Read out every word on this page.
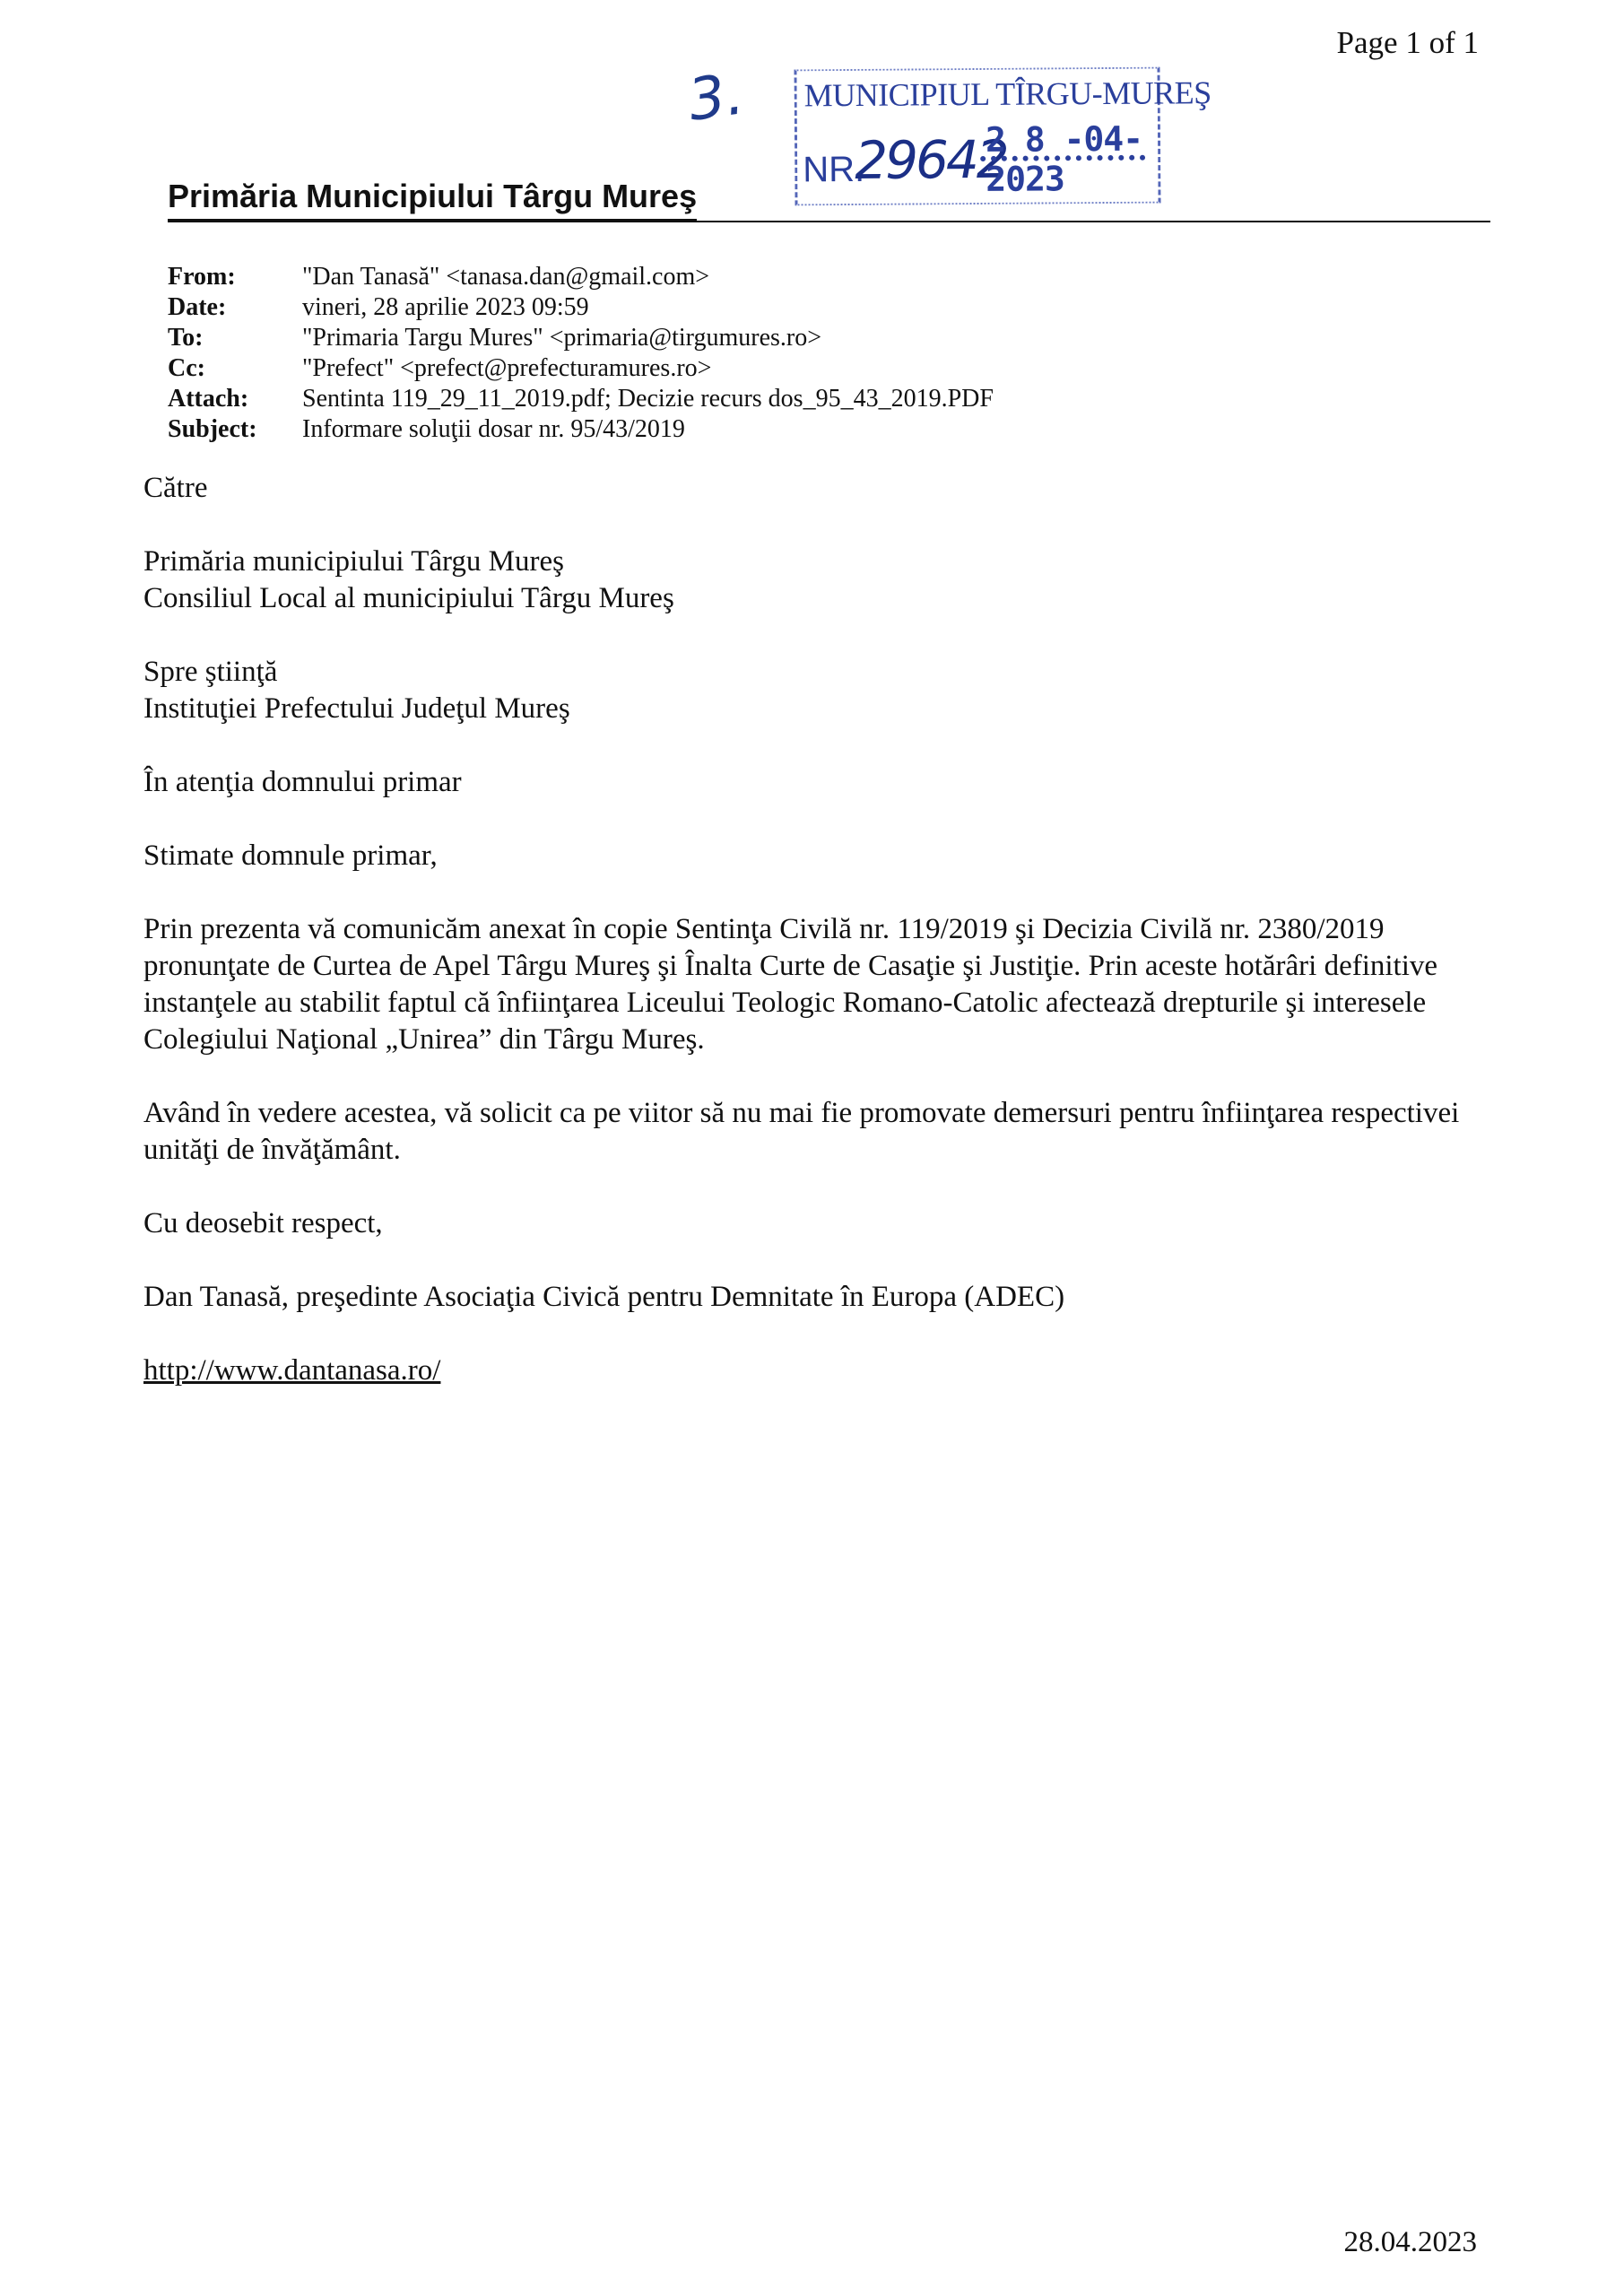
Page 1 of 1
3. MUNICIPIUL TÎRGU-MUREŞ
NR.
29642
2 8 -04- 2023
Primăria Municipiului Târgu Mureş
From:	"Dan Tanasă" <tanasa.dan@gmail.com>
Date:	vineri, 28 aprilie 2023 09:59
To:	"Primaria Targu Mures" <primaria@tirgumures.ro>
Cc:	"Prefect" <prefect@prefecturamures.ro>
Attach:	Sentinta 119_29_11_2019.pdf; Decizie recurs dos_95_43_2019.PDF
Subject:	Informare soluţii dosar nr. 95/43/2019

Către

Primăria municipiului Târgu Mureş

Consiliul Local al municipiului Târgu Mureş

Spre ştiinţă

Instituţiei Prefectului Judeţul Mureş

În atenţia domnului primar

Stimate domnule primar,

Prin prezenta vă comunicăm anexat în copie Sentinţa Civilă nr. 119/2019 şi Decizia Civilă nr. 2380/2019 pronunţate de Curtea de Apel Târgu Mureş şi Înalta Curte de Casaţie şi Justiţie. Prin aceste hotărâri definitive instanţele au stabilit faptul că înfiinţarea Liceului Teologic Romano-Catolic afectează drepturile şi interesele Colegiului Naţional „Unirea” din Târgu Mureş.

Având în vedere acestea, vă solicit ca pe viitor să nu mai fie promovate demersuri pentru înfiinţarea respectivei unităţi de învăţământ.

Cu deosebit respect,

Dan Tanasă, preşedinte Asociaţia Civică pentru Demnitate în Europa (ADEC)

http://www.dantanasa.ro/

28.04.2023
